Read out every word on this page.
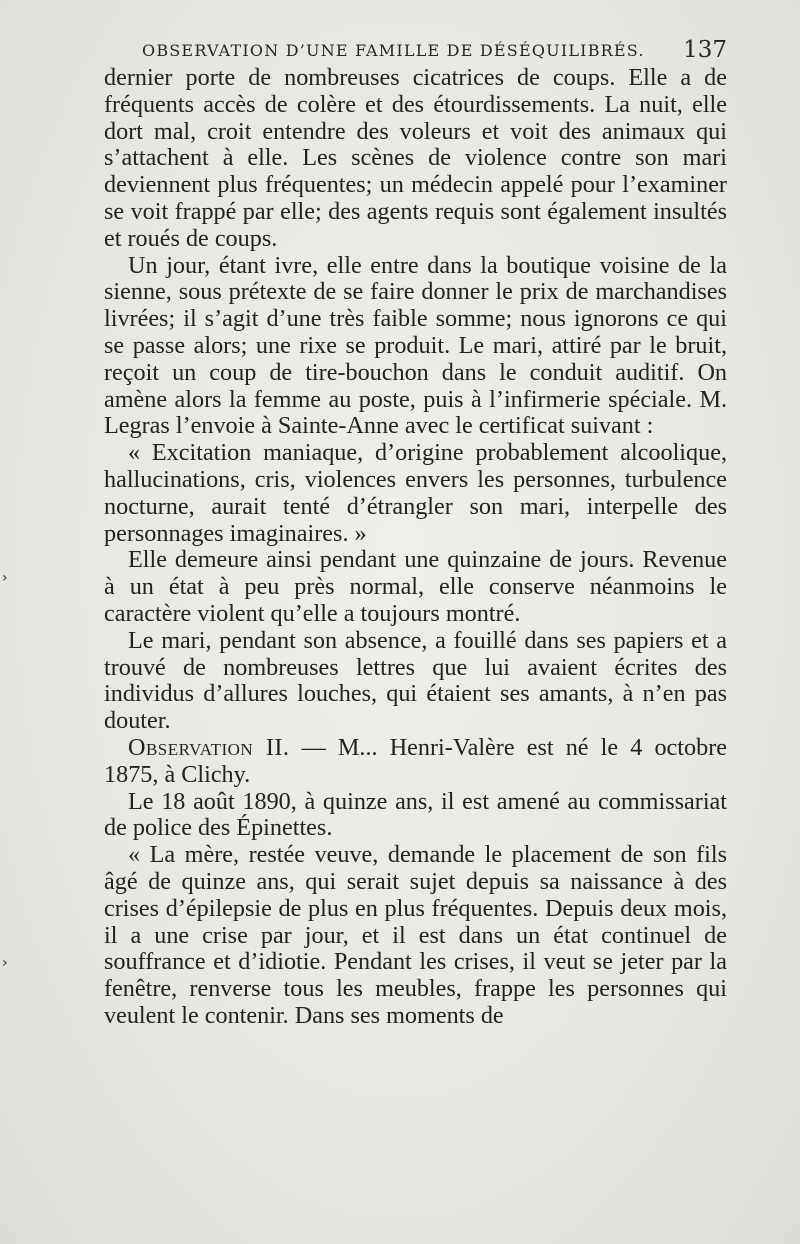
OBSERVATION D’UNE FAMILLE DE DÉSÉQUILIBRÉS. 137

dernier porte de nombreuses cicatrices de coups. Elle a de fréquents accès de colère et des étourdissements. La nuit, elle dort mal, croit entendre des voleurs et voit des animaux qui s’attachent à elle. Les scènes de violence contre son mari deviennent plus fréquentes; un médecin appelé pour l’examiner se voit frappé par elle; des agents requis sont également insultés et roués de coups.

Un jour, étant ivre, elle entre dans la boutique voisine de la sienne, sous prétexte de se faire donner le prix de marchandises livrées; il s’agit d’une très faible somme; nous ignorons ce qui se passe alors; une rixe se produit. Le mari, attiré par le bruit, reçoit un coup de tire-bouchon dans le conduit auditif. On amène alors la femme au poste, puis à l’infirmerie spéciale. M. Legras l’envoie à Sainte-Anne avec le certificat suivant :

« Excitation maniaque, d’origine probablement alcoolique, hallucinations, cris, violences envers les personnes, turbulence nocturne, aurait tenté d’étrangler son mari, interpelle des personnages imaginaires. »

Elle demeure ainsi pendant une quinzaine de jours. Revenue à un état à peu près normal, elle conserve néanmoins le caractère violent qu’elle a toujours montré.

Le mari, pendant son absence, a fouillé dans ses papiers et a trouvé de nombreuses lettres que lui avaient écrites des individus d’allures louches, qui étaient ses amants, à n’en pas douter.

Observation II. — M... Henri-Valère est né le 4 octobre 1875, à Clichy.

Le 18 août 1890, à quinze ans, il est amené au commissariat de police des Épinettes.

« La mère, restée veuve, demande le placement de son fils âgé de quinze ans, qui serait sujet depuis sa naissance à des crises d’épilepsie de plus en plus fréquentes. Depuis deux mois, il a une crise par jour, et il est dans un état continuel de souffrance et d’idiotie. Pendant les crises, il veut se jeter par la fenêtre, renverse tous les meubles, frappe les personnes qui veulent le contenir. Dans ses moments de

›
›
